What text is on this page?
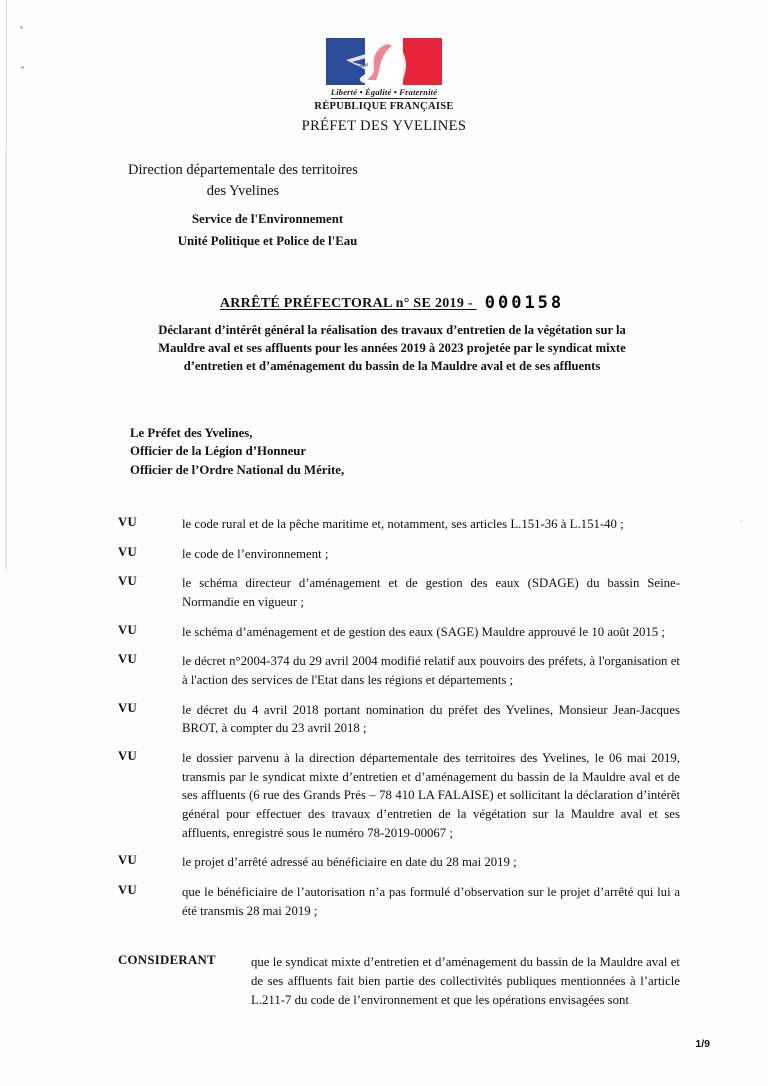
Liberté • Égalité • Fraternité
RÉPUBLIQUE FRANÇAISE
PRÉFET DES YVELINES
Direction départementale des territoires
des Yvelines
Service de l'Environnement
Unité Politique et Police de l'Eau
ARRÊTÉ PRÉFECTORAL n° SE 2019 - 000158
Déclarant d’intérêt général la réalisation des travaux d’entretien de la végétation sur la
Mauldre aval et ses affluents pour les années 2019 à 2023 projetée par le syndicat mixte
d’entretien et d’aménagement du bassin de la Mauldre aval et de ses affluents
Le Préfet des Yvelines,
Officier de la Légion d’Honneur
Officier de l’Ordre National du Mérite,
VU	le code rural et de la pêche maritime et, notamment, ses articles L.151-36 à L.151-40 ;
VU	le code de l’environnement ;
VU	le schéma directeur d’aménagement et de gestion des eaux (SDAGE) du bassin Seine-Normandie en vigueur ;
VU	le schéma d’aménagement et de gestion des eaux (SAGE) Mauldre approuvé le 10 août 2015 ;
VU	le décret n°2004-374 du 29 avril 2004 modifié relatif aux pouvoirs des préfets, à l'organisation et à l'action des services de l'Etat dans les régions et départements ;
VU	le décret du 4 avril 2018 portant nomination du préfet des Yvelines, Monsieur Jean-Jacques BROT, à compter du 23 avril 2018 ;
VU	le dossier parvenu à la direction départementale des territoires des Yvelines, le 06 mai 2019, transmis par le syndicat mixte d’entretien et d’aménagement du bassin de la Mauldre aval et de ses affluents (6 rue des Grands Prés – 78 410 LA FALAISE) et sollicitant la déclaration d’intérêt général pour effectuer des travaux d’entretien de la végétation sur la Mauldre aval et ses affluents, enregistré sous le numéro 78-2019-00067 ;
VU	le projet d’arrêté adressé au bénéficiaire en date du 28 mai 2019 ;
VU	que le bénéficiaire de l’autorisation n’a pas formulé d’observation sur le projet d’arrêté qui lui a été transmis 28 mai 2019 ;
CONSIDERANT	que le syndicat mixte d’entretien et d’aménagement du bassin de la Mauldre aval et de ses affluents fait bien partie des collectivités publiques mentionnées à l’article L.211-7 du code de l’environnement et que les opérations envisagées sont
1/9
